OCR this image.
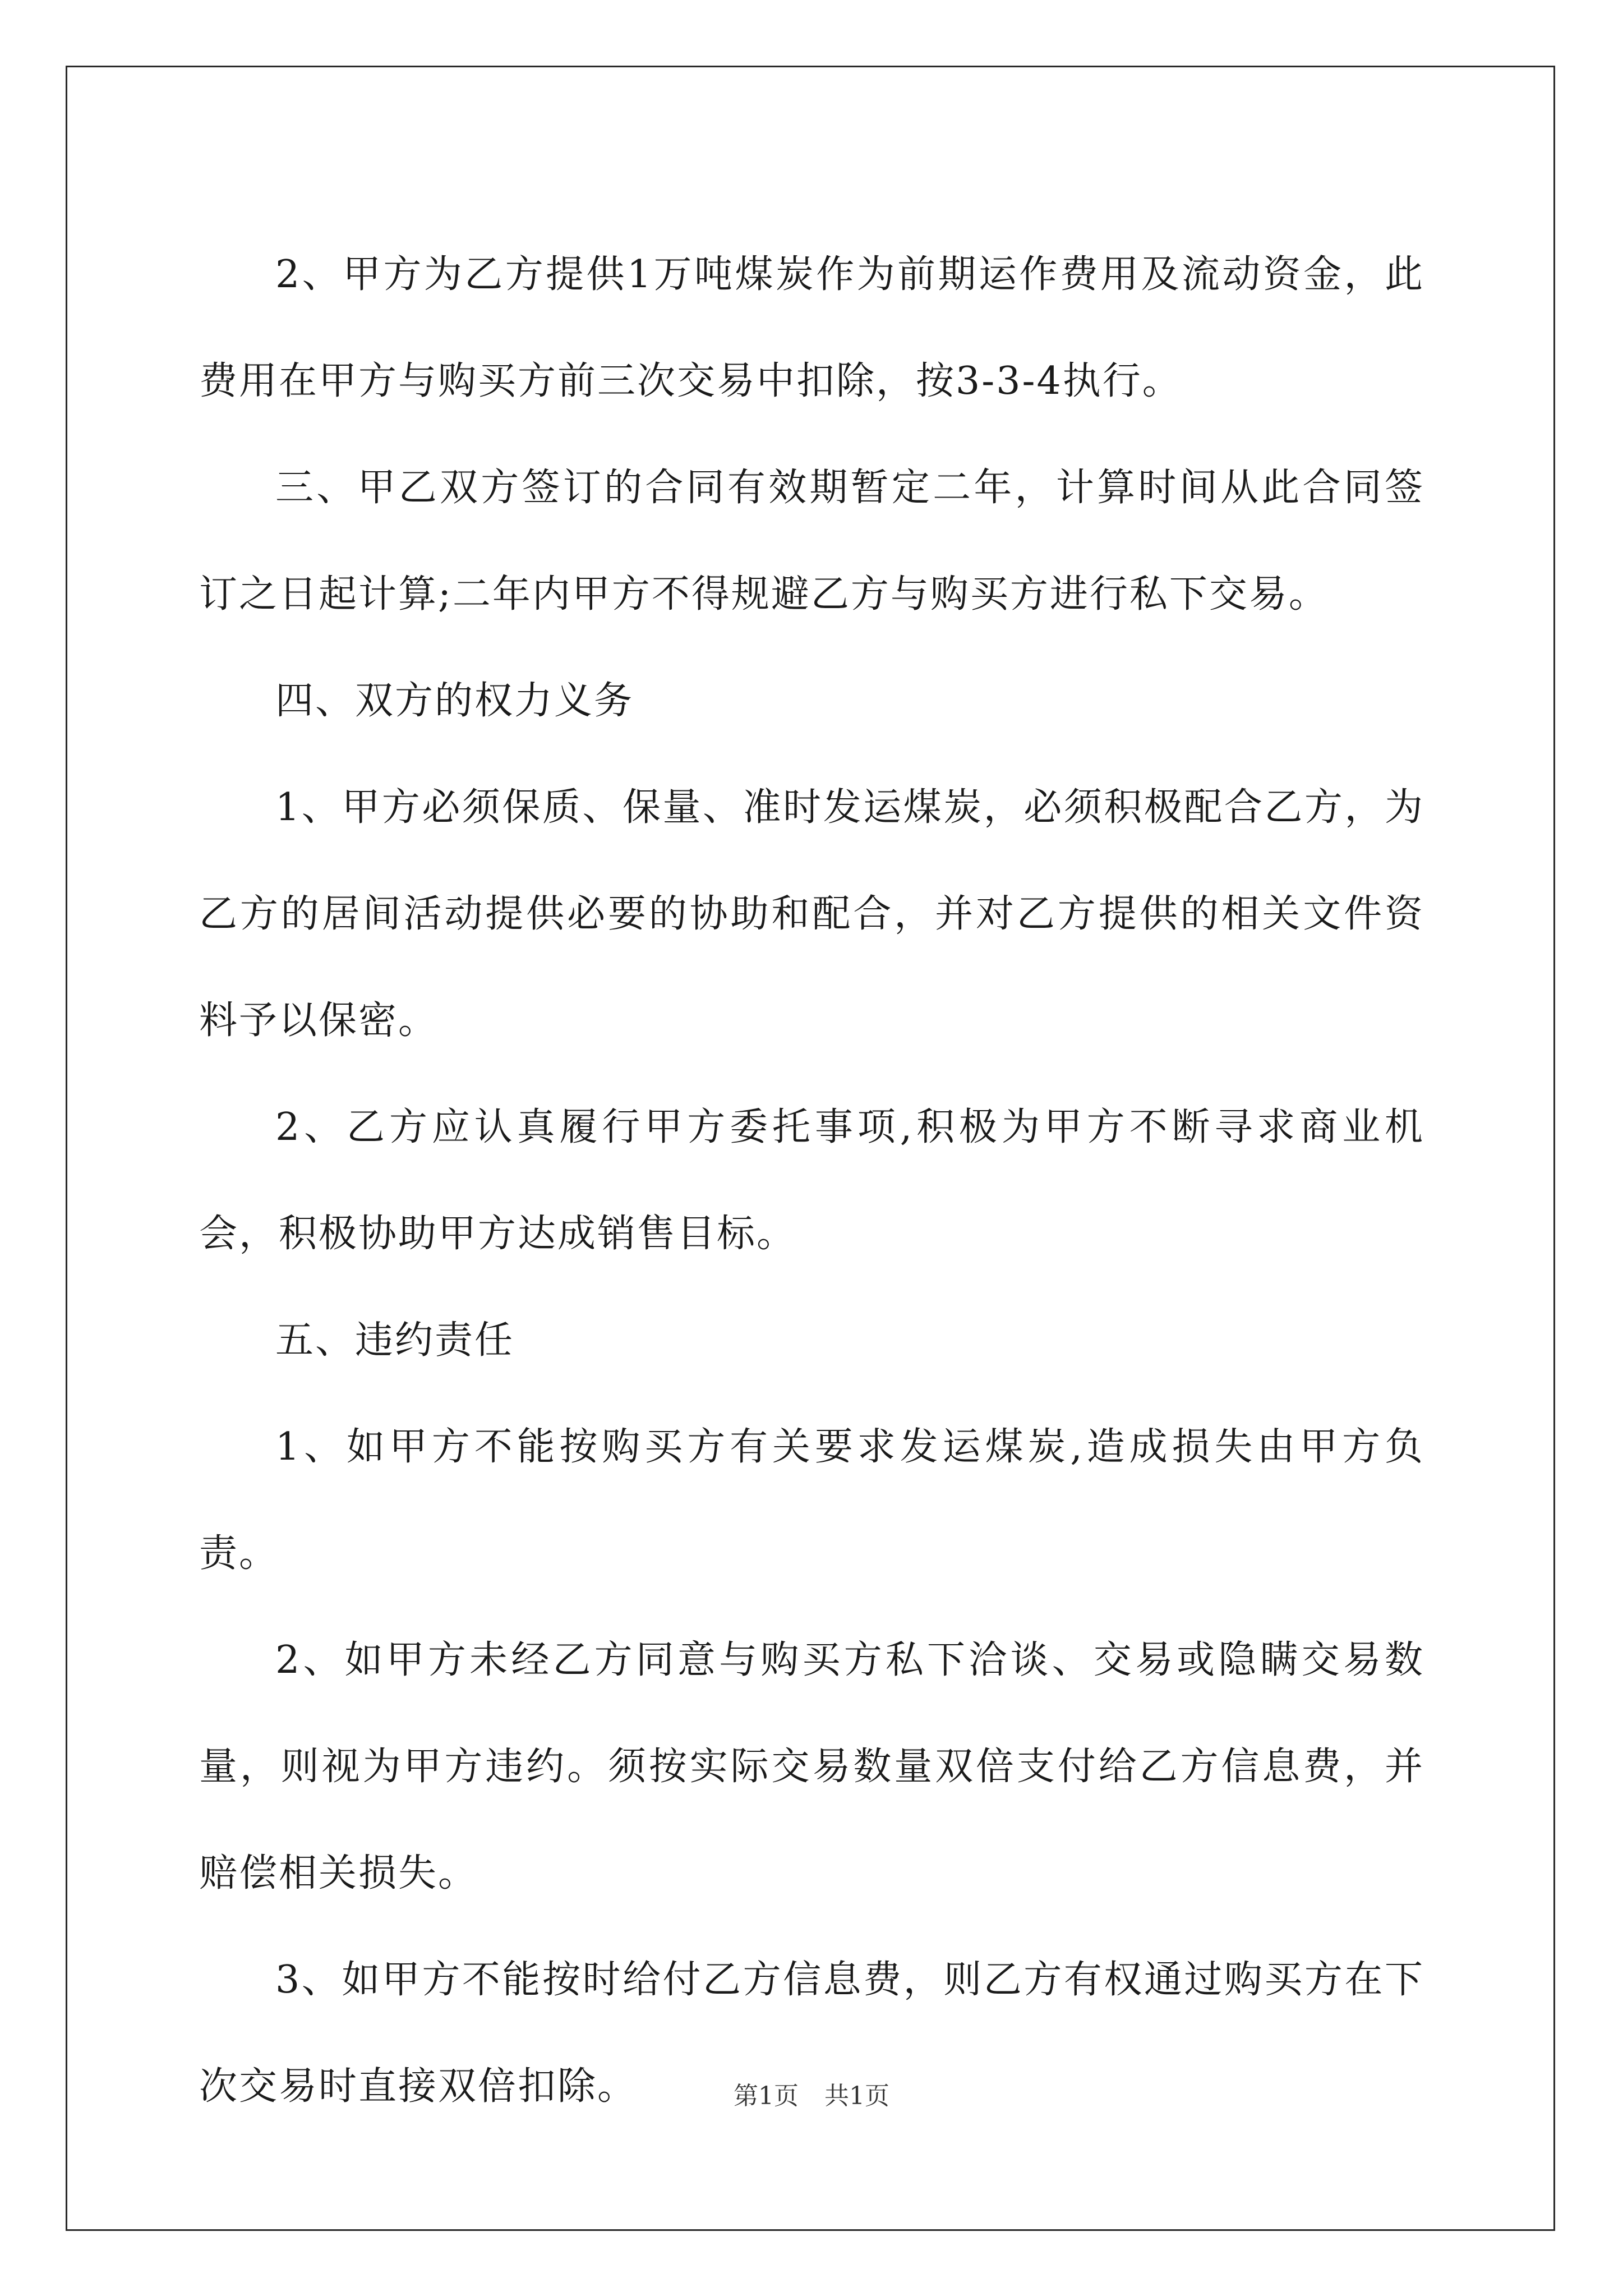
2、甲方为乙方提供1万吨煤炭作为前期运作费用及流动资金，此费用在甲方与购买方前三次交易中扣除，按3-3-4执行。

三、甲乙双方签订的合同有效期暂定二年，计算时间从此合同签订之日起计算;二年内甲方不得规避乙方与购买方进行私下交易。

四、双方的权力义务

1、甲方必须保质、保量、准时发运煤炭，必须积极配合乙方，为乙方的居间活动提供必要的协助和配合，并对乙方提供的相关文件资料予以保密。

2、乙方应认真履行甲方委托事项,积极为甲方不断寻求商业机会，积极协助甲方达成销售目标。

五、违约责任

1、如甲方不能按购买方有关要求发运煤炭,造成损失由甲方负责。

2、如甲方未经乙方同意与购买方私下洽谈、交易或隐瞒交易数量，则视为甲方违约。须按实际交易数量双倍支付给乙方信息费，并赔偿相关损失。

3、如甲方不能按时给付乙方信息费，则乙方有权通过购买方在下次交易时直接双倍扣除。	第1页 共1页
